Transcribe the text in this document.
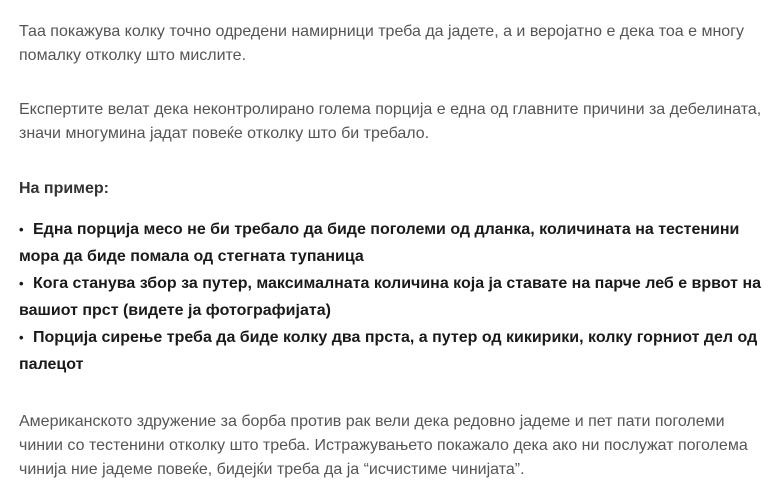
Таа покажува колку точно одредени намирници треба да јадете, а и веројатно е дека тоа е многу помалку отколку што мислите.

Експертите велат дека неконтролирано голема порција е една од главните причини за дебелината, значи многумина јадат повеќе отколку што би требало.

На пример:
• Една порција месо не би требало да биде поголеми од дланка, количината на тестенини мора да биде помала од стегната тупаница
• Кога станува збор за путер, максималната количина која ја ставате на парче леб е врвот на вашиот прст (видете ја фотографијата)
• Порција сирење треба да биде колку два прста, а путер од кикирики, колку горниот дел од палецот

Американското здружение за борба против рак вели дека редовно јадеме и пет пати поголеми чинии со тестенини отколку што треба. Истражувањето покажало дека ако ни послужат поголема чинија ние јадеме повеќе, бидејќи треба да ја “исчистиме чинијата”.
